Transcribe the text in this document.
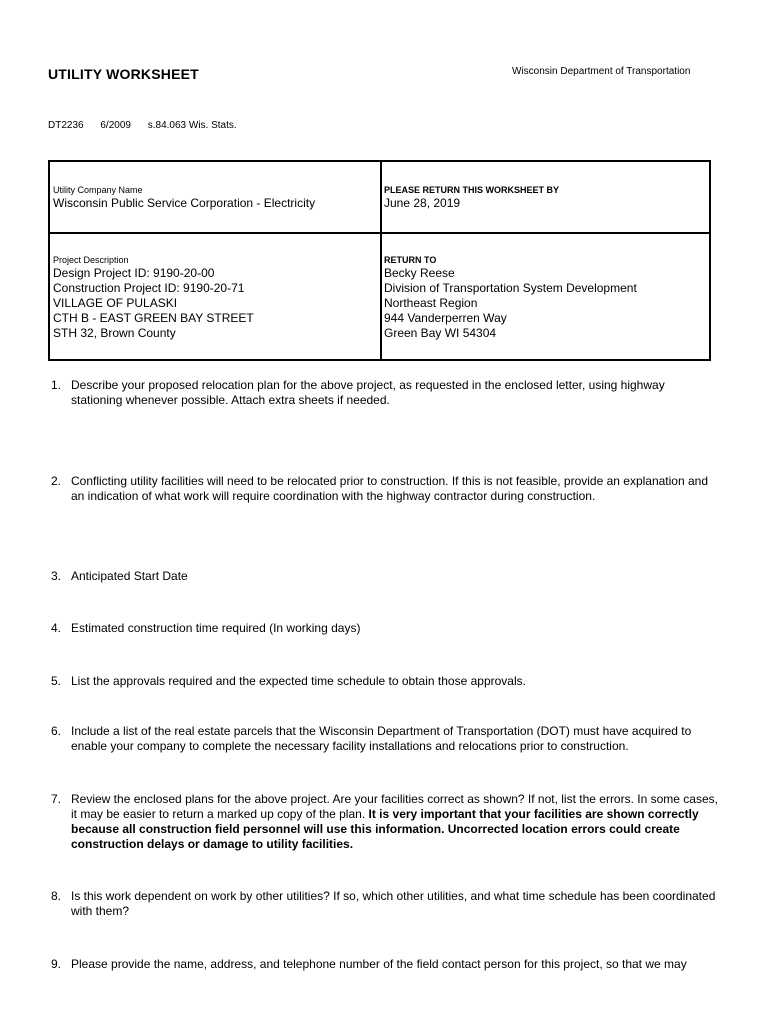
UTILITY WORKSHEET	Wisconsin Department of Transportation
DT2236 6/2009 s.84.063 Wis. Stats.
Utility Company Name
Wisconsin Public Service Corporation - Electricity
PLEASE RETURN THIS WORKSHEET BY
June 28, 2019
Project Description
Design Project ID: 9190-20-00
Construction Project ID: 9190-20-71
VILLAGE OF PULASKI
CTH B - EAST GREEN BAY STREET
STH 32, Brown County
RETURN TO
Becky Reese
Division of Transportation System Development
Northeast Region
944 Vanderperren Way
Green Bay WI 54304
1. Describe your proposed relocation plan for the above project, as requested in the enclosed letter, using highway stationing whenever possible. Attach extra sheets if needed.
2. Conflicting utility facilities will need to be relocated prior to construction. If this is not feasible, provide an explanation and an indication of what work will require coordination with the highway contractor during construction.
3. Anticipated Start Date
4. Estimated construction time required (In working days)
5. List the approvals required and the expected time schedule to obtain those approvals.
6. Include a list of the real estate parcels that the Wisconsin Department of Transportation (DOT) must have acquired to enable your company to complete the necessary facility installations and relocations prior to construction.
7. Review the enclosed plans for the above project. Are your facilities correct as shown? If not, list the errors. In some cases, it may be easier to return a marked up copy of the plan. It is very important that your facilities are shown correctly because all construction field personnel will use this information. Uncorrected location errors could create construction delays or damage to utility facilities.
8. Is this work dependent on work by other utilities? If so, which other utilities, and what time schedule has been coordinated with them?
9. Please provide the name, address, and telephone number of the field contact person for this project, so that we may
